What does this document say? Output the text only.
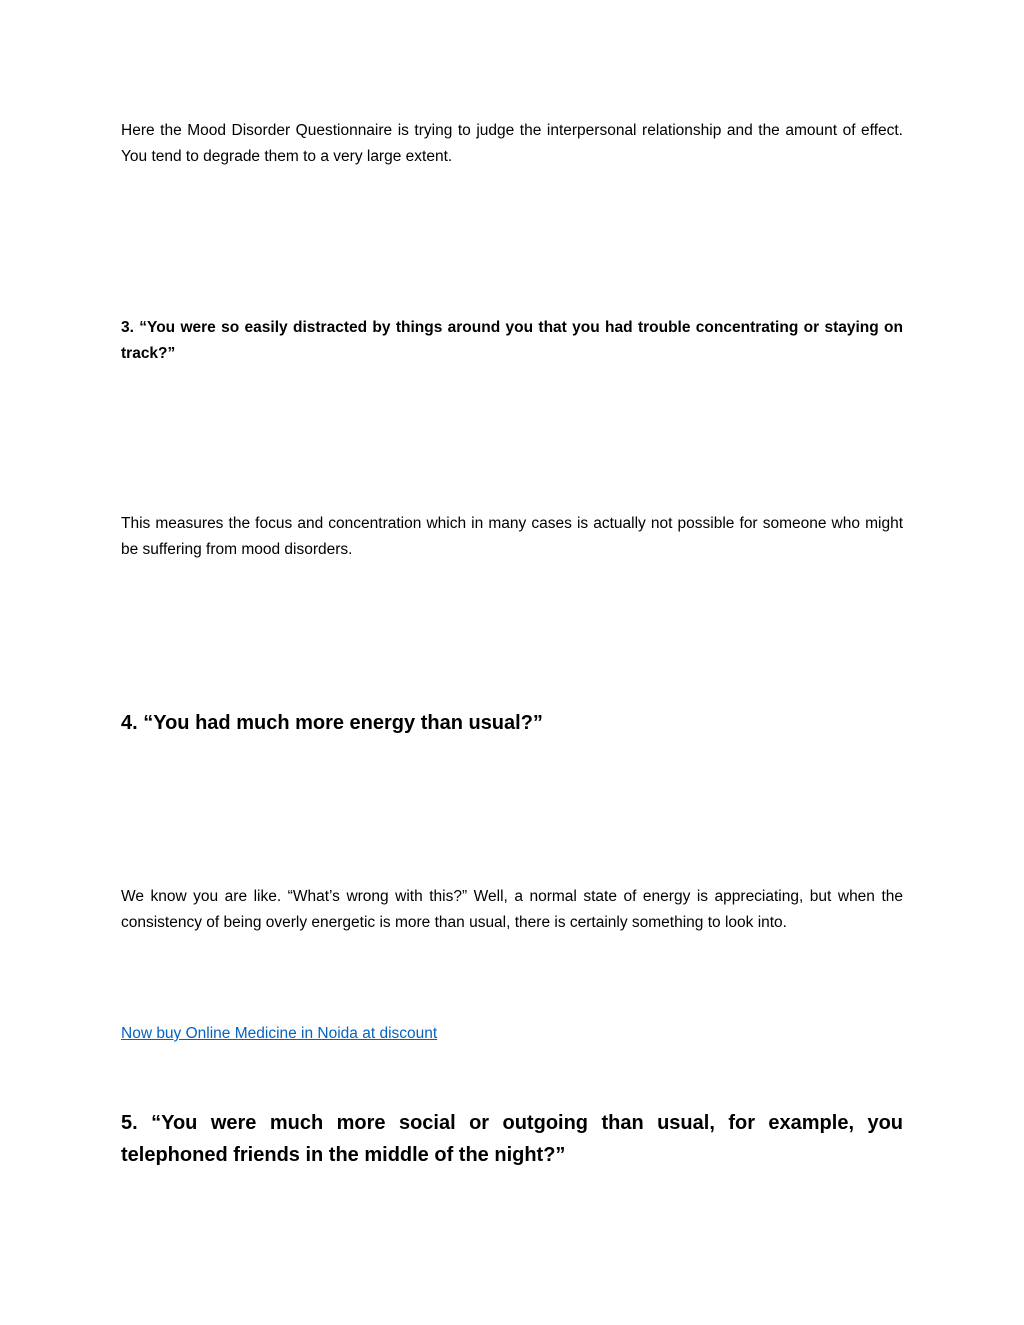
Here the Mood Disorder Questionnaire is trying to judge the interpersonal relationship and the amount of effect. You tend to degrade them to a very large extent.

3. “You were so easily distracted by things around you that you had trouble concentrating or staying on track?”

This measures the focus and concentration which in many cases is actually not possible for someone who might be suffering from mood disorders.

4. “You had much more energy than usual?”

We know you are like. “What’s wrong with this?” Well, a normal state of energy is appreciating, but when the consistency of being overly energetic is more than usual, there is certainly something to look into.

Now buy Online Medicine in Noida at discount

5. “You were much more social or outgoing than usual, for example, you telephoned friends in the middle of the night?”
